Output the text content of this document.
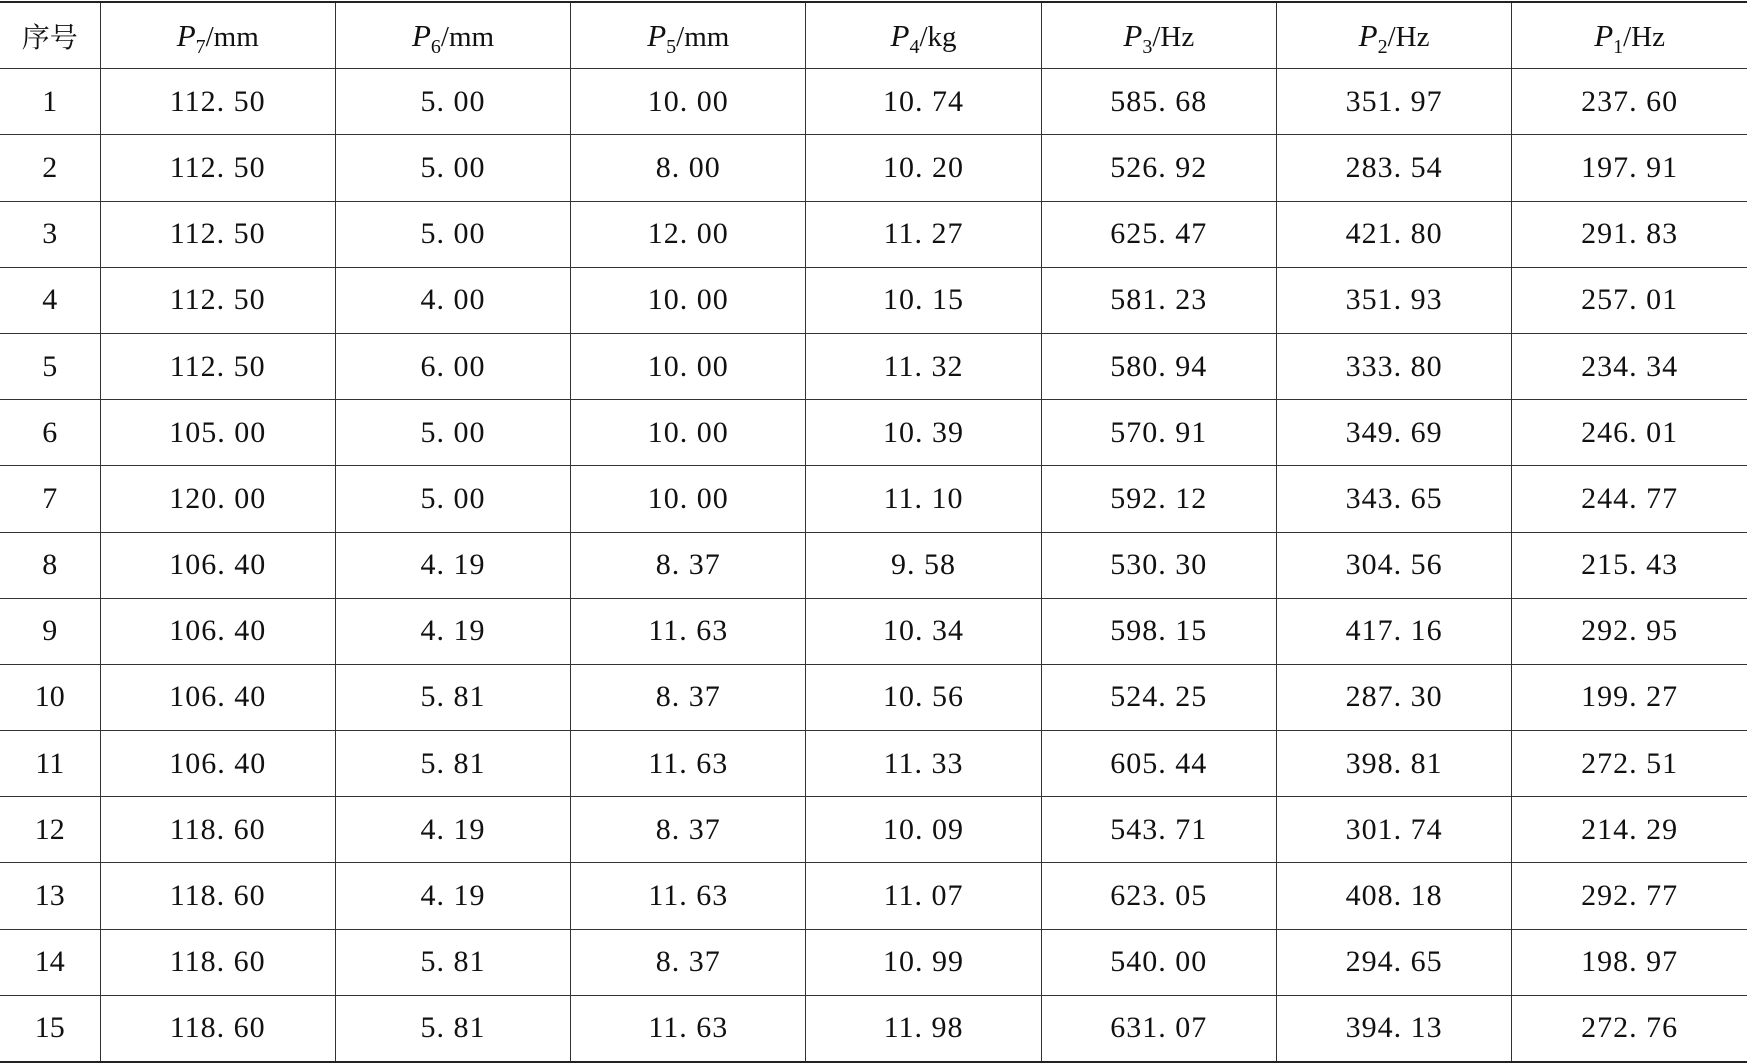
序号	$P_7/mm$	$P_6/mm$	$P_5/mm$	$P_4/kg$	$P_3/Hz$	$P_2/Hz$	$P_1/Hz$
1	112. 50	5. 00	10. 00	10. 74	585. 68	351. 97	237. 60
2	112. 50	5. 00	8. 00	10. 20	526. 92	283. 54	197. 91
3	112. 50	5. 00	12. 00	11. 27	625. 47	421. 80	291. 83
4	112. 50	4. 00	10. 00	10. 15	581. 23	351. 93	257. 01
5	112. 50	6. 00	10. 00	11. 32	580. 94	333. 80	234. 34
6	105. 00	5. 00	10. 00	10. 39	570. 91	349. 69	246. 01
7	120. 00	5. 00	10. 00	11. 10	592. 12	343. 65	244. 77
8	106. 40	4. 19	8. 37	9. 58	530. 30	304. 56	215. 43
9	106. 40	4. 19	11. 63	10. 34	598. 15	417. 16	292. 95
10	106. 40	5. 81	8. 37	10. 56	524. 25	287. 30	199. 27
11	106. 40	5. 81	11. 63	11. 33	605. 44	398. 81	272. 51
12	118. 60	4. 19	8. 37	10. 09	543. 71	301. 74	214. 29
13	118. 60	4. 19	11. 63	11. 07	623. 05	408. 18	292. 77
14	118. 60	5. 81	8. 37	10. 99	540. 00	294. 65	198. 97
15	118. 60	5. 81	11. 63	11. 98	631. 07	394. 13	272. 76
